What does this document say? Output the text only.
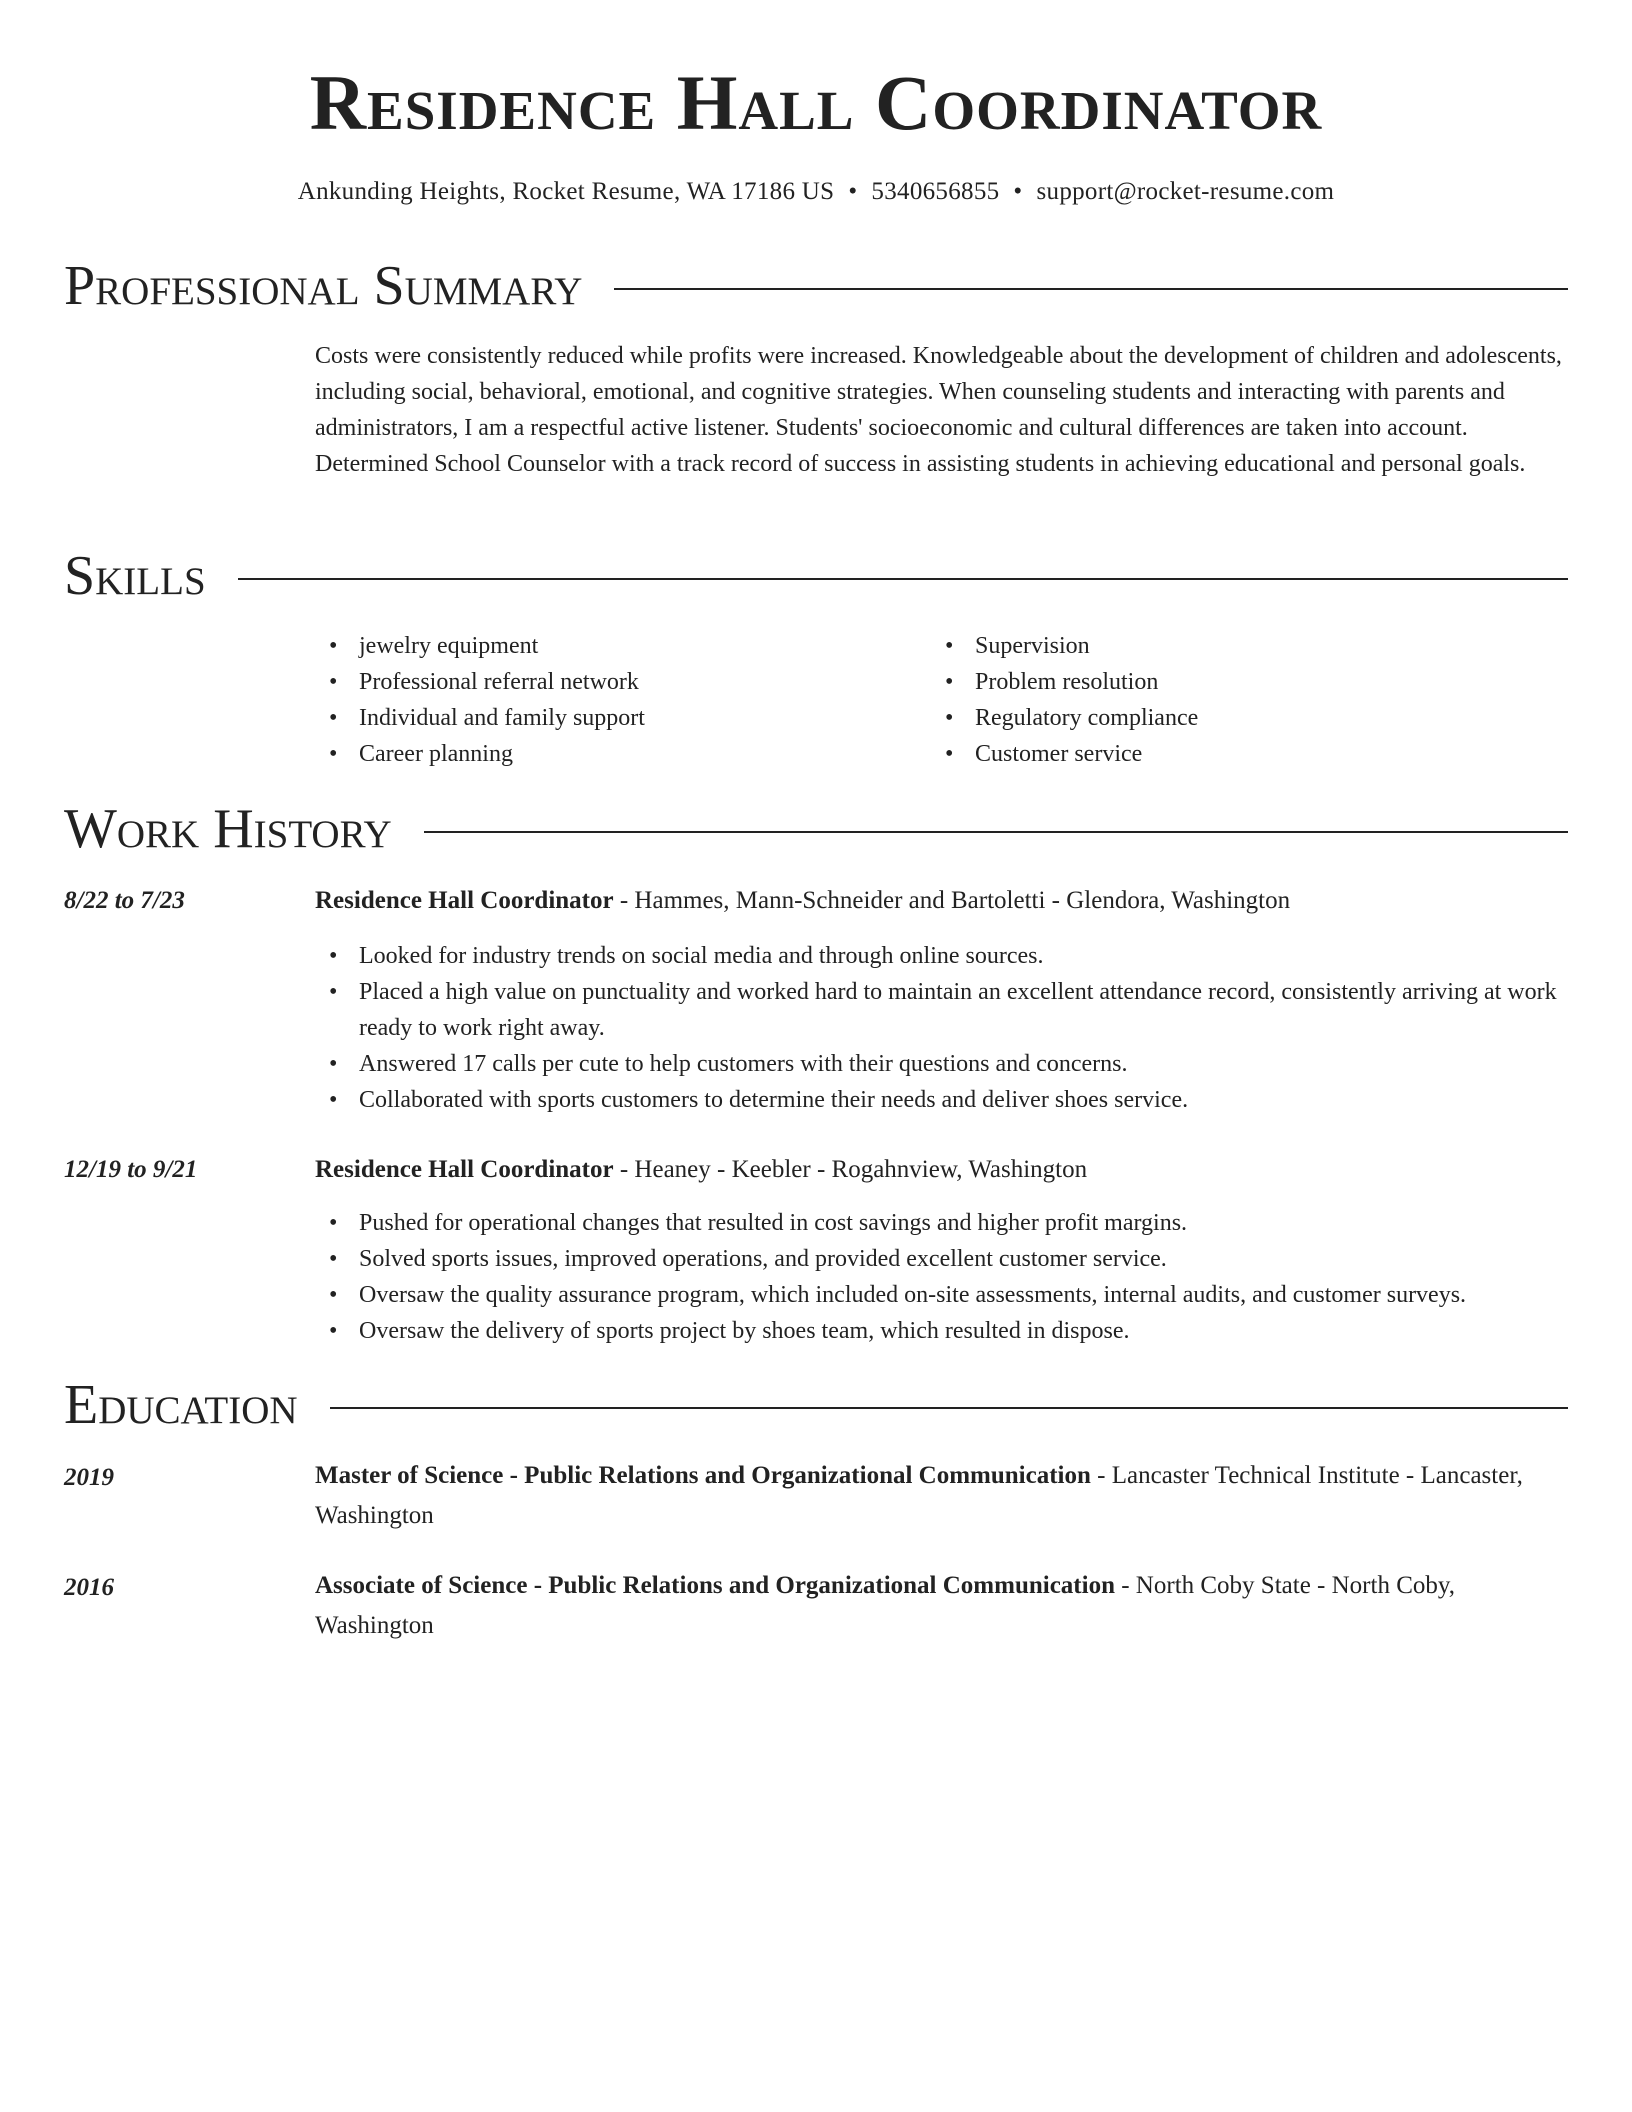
Residence Hall Coordinator
Ankunding Heights, Rocket Resume, WA 17186 US • 5340656855 • support@rocket-resume.com
Professional Summary

Costs were consistently reduced while profits were increased. Knowledgeable about the development of children and adolescents, including social, behavioral, emotional, and cognitive strategies. When counseling students and interacting with parents and administrators, I am a respectful active listener. Students' socioeconomic and cultural differences are taken into account. Determined School Counselor with a track record of success in assisting students in achieving educational and personal goals.

Skills
• jewelry equipment
• Professional referral network
• Individual and family support
• Career planning
• Supervision
• Problem resolution
• Regulatory compliance
• Customer service
Work History
8/22 to 7/23	Residence Hall Coordinator - Hammes, Mann-Schneider and Bartoletti - Glendora, Washington
• Looked for industry trends on social media and through online sources.
• Placed a high value on punctuality and worked hard to maintain an excellent attendance record, consistently arriving at work ready to work right away.
• Answered 17 calls per cute to help customers with their questions and concerns.
• Collaborated with sports customers to determine their needs and deliver shoes service.
12/19 to 9/21	Residence Hall Coordinator - Heaney - Keebler - Rogahnview, Washington
• Pushed for operational changes that resulted in cost savings and higher profit margins.
• Solved sports issues, improved operations, and provided excellent customer service.
• Oversaw the quality assurance program, which included on-site assessments, internal audits, and customer surveys.
• Oversaw the delivery of sports project by shoes team, which resulted in dispose.
Education
2019	Master of Science - Public Relations and Organizational Communication - Lancaster Technical Institute - Lancaster, Washington
2016	Associate of Science - Public Relations and Organizational Communication - North Coby State - North Coby, Washington
